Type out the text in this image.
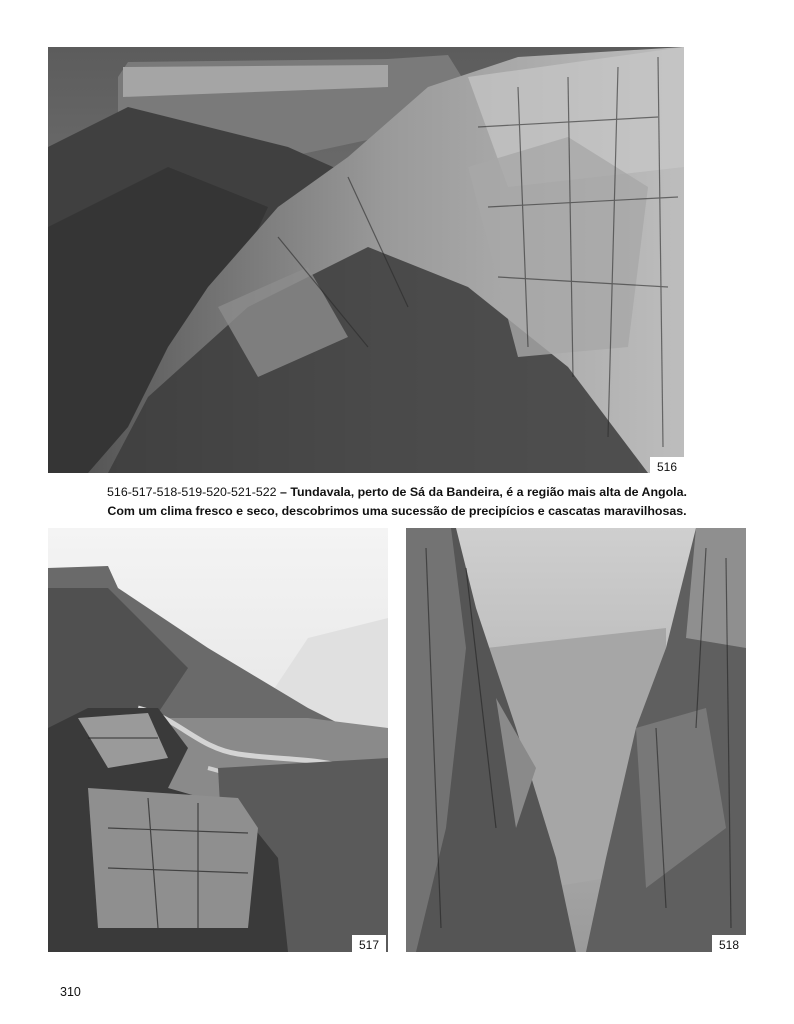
516

516-517-518-519-520-521-522 – Tundavala, perto de Sá da Bandeira, é a região mais alta de Angola.

Com um clima fresco e seco, descobrimos uma sucessão de precipícios e cascatas maravilhosas.

517	518
310
